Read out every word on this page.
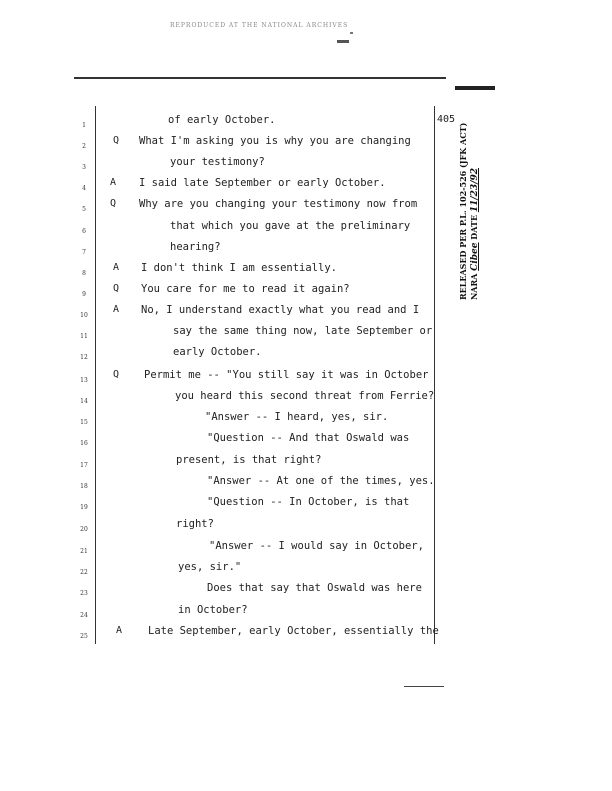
REPRODUCED AT THE NATIONAL ARCHIVES
405
1	of early October.
2
Q What I'm asking you is why you are changing
3	your testimony?
4
A I said late September or early October.
5
Q Why are you changing your testimony now from
6	that which you gave at the preliminary
7	hearing?
8
A I don't think I am essentially.
9
Q You care for me to read it again?
10
A No, I understand exactly what you read and I
11	say the same thing now, late September or
12	early October.
13
Q Permit me -- "You still say it was in October
14	you heard this second threat from Ferrie?
15	"Answer -- I heard, yes, sir.
16	"Question -- And that Oswald was
17	present, is that right?
18	"Answer -- At one of the times, yes.
19	"Question -- In October, is that
20	right?
21	"Answer -- I would say in October,
22	yes, sir."
23	Does that say that Oswald was here
24	in October?
25
A Late September, early October, essentially the
RELEASED PER P.L. 102-526 (JFK ACT) NARA Cibee DATE 11/23/92
